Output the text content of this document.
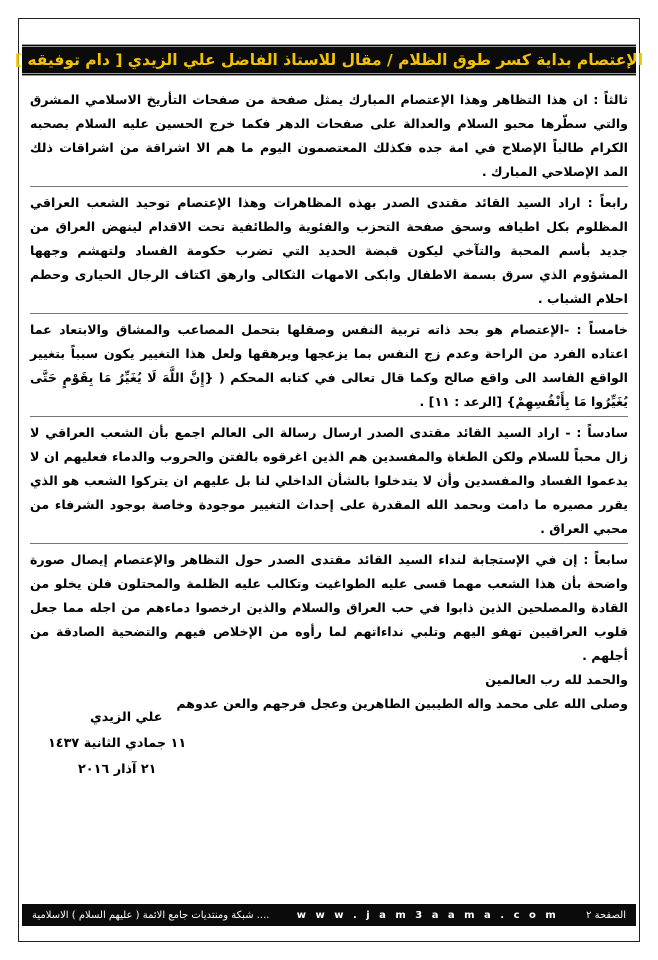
الإعتصام بداية كسر طوق الظلام / مقال للاستاذ الفاضل علي الزيدي [ دام توفيقه ]

ثالثاً : ان هذا التظاهر وهذا الإعتصام المبارك يمثل صفحة من صفحات التأريخ الاسلامي المشرق والتي سطّرها محبو السلام والعدالة على صفحات الدهر فكما خرج الحسين عليه السلام بصحبه الكرام طالباً الإصلاح في امة جده فكذلك المعتصمون اليوم ما هم الا اشراقة من اشراقات ذلك المد الإصلاحي المبارك .

رابعاً : اراد السيد القائد مقتدى الصدر بهذه المظاهرات وهذا الإعتصام توحيد الشعب العراقي المظلوم بكل اطيافه وسحق صفحة التحزب والفئوية والطائفية تحت الاقدام لينهض العراق من جديد بأسم المحبة والتآخي ليكون قبضة الحديد التي تضرب حكومة الفساد ولتهشم وجهها المشؤوم الذي سرق بسمة الاطفال وابكى الامهات الثكالى وارهق اكتاف الرجال الحيارى وحطم احلام الشباب .

خامساً : -الإعتصام هو بحد ذاته تربية النفس وصقلها بتحمل المصاعب والمشاق والابتعاد عما اعتاده الفرد من الراحة وعدم زج النفس بما يزعجها ويرهقها ولعل هذا التغيير يكون سبباً بتغيير الواقع الفاسد الى واقع صالح وكما قال تعالى في كتابه المحكم ( {إِنَّ اللَّهَ لَا يُغَيِّرُ مَا بِقَوْمٍ حَتَّى يُغَيِّرُوا مَا بِأَنْفُسِهِمْ} [الرعد : ١١] .

سادساً : - اراد السيد القائد مقتدى الصدر ارسال رسالة الى العالم اجمع بأن الشعب العراقي لا زال محباً للسلام ولكن الطغاة والمفسدين هم الذين اغرقوه بالفتن والحروب والدماء فعليهم ان لا يدعموا الفساد والمفسدين وأن لا يتدخلوا بالشأن الداخلي لنا بل عليهم ان يتركوا الشعب هو الذي يقرر مصيره ما دامت وبحمد الله المقدرة على إحداث التغيير موجودة وخاصة بوجود الشرفاء من محبي العراق .

سابعاً : إن في الإستجابة لنداء السيد القائد مقتدى الصدر حول التظاهر والإعتصام إيصال صورة واضحة بأن هذا الشعب مهما قسى عليه الطواغيت وتكالب عليه الظلمة والمحتلون فلن يخلو من القادة والمصلحين الذين ذابوا في حب العراق والسلام والذين ارخصوا دماءهم من اجله مما جعل قلوب العراقيين تهفو اليهم وتلبي نداءاتهم لما رأوه من الإخلاص فيهم والتضحية الصادقة من أجلهم .

والحمد لله رب العالمين

وصلى الله على محمد واله الطيبين الطاهرين وعجل فرجهم والعن عدوهم

علي الزيدي
١١ جمادي الثانية ١٤٣٧
٢١ آذار ٢٠١٦
شبكة ومنتديات جامع الائمة ( عليهم السلام ) الاسلامية ....	w w w . j a m 3 a a m a . c o m	الصفحة ٢
